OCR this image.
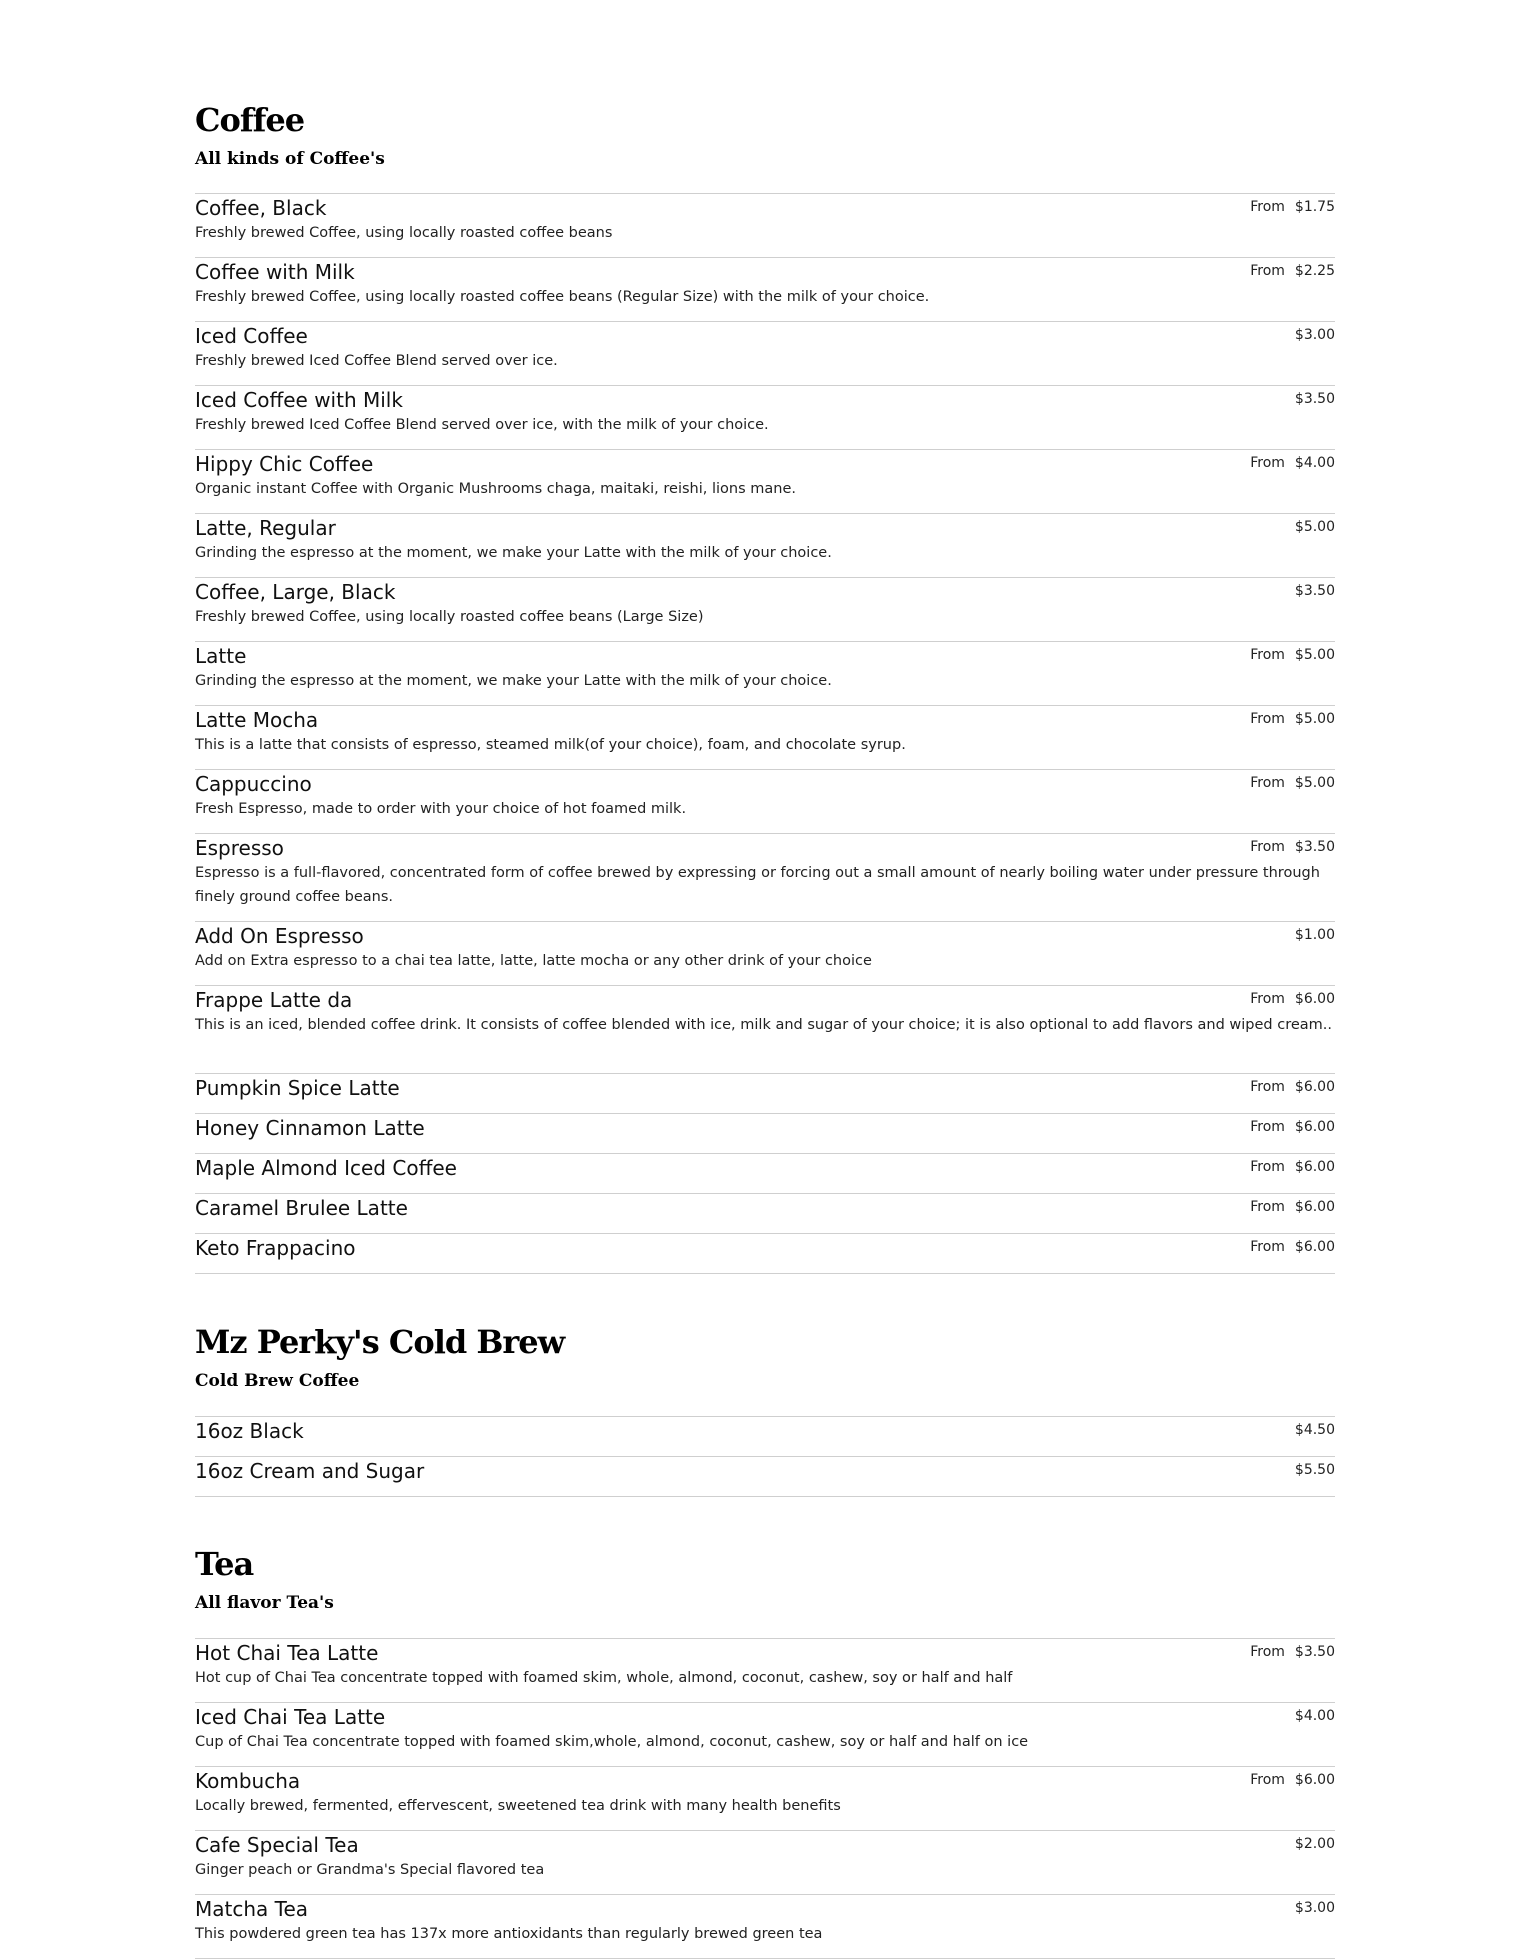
Coffee

All kinds of Coffee's

Coffee, Black	From $1.75
Freshly brewed Coffee, using locally roasted coffee beans
Coffee with Milk	From $2.25
Freshly brewed Coffee, using locally roasted coffee beans (Regular Size) with the milk of your choice.
Iced Coffee	$3.00
Freshly brewed Iced Coffee Blend served over ice.
Iced Coffee with Milk	$3.50
Freshly brewed Iced Coffee Blend served over ice, with the milk of your choice.
Hippy Chic Coffee	From $4.00
Organic instant Coffee with Organic Mushrooms chaga, maitaki, reishi, lions mane.
Latte, Regular	$5.00
Grinding the espresso at the moment, we make your Latte with the milk of your choice.
Coffee, Large, Black	$3.50
Freshly brewed Coffee, using locally roasted coffee beans (Large Size)
Latte	From $5.00
Grinding the espresso at the moment, we make your Latte with the milk of your choice.
Latte Mocha	From $5.00
This is a latte that consists of espresso, steamed milk(of your choice), foam, and chocolate syrup.
Cappuccino	From $5.00
Fresh Espresso, made to order with your choice of hot foamed milk.
Espresso	From $3.50
Espresso is a full-flavored, concentrated form of coffee brewed by expressing or forcing out a small amount of nearly boiling water under pressure through finely ground coffee beans.
Add On Espresso	$1.00
Add on Extra espresso to a chai tea latte, latte, latte mocha or any other drink of your choice
Frappe Latte da	From $6.00
This is an iced, blended coffee drink. It consists of coffee blended with ice, milk and sugar of your choice; it is also optional to add flavors and wiped cream..
Pumpkin Spice Latte	From $6.00
Honey Cinnamon Latte	From $6.00
Maple Almond Iced Coffee	From $6.00
Caramel Brulee Latte	From $6.00
Keto Frappacino	From $6.00
Mz Perky's Cold Brew

Cold Brew Coffee

16oz Black	$4.50
16oz Cream and Sugar	$5.50
Tea

All flavor Tea's

Hot Chai Tea Latte	From $3.50
Hot cup of Chai Tea concentrate topped with foamed skim, whole, almond, coconut, cashew, soy or half and half
Iced Chai Tea Latte	$4.00
Cup of Chai Tea concentrate topped with foamed skim,whole, almond, coconut, cashew, soy or half and half on ice
Kombucha	From $6.00
Locally brewed, fermented, effervescent, sweetened tea drink with many health benefits
Cafe Special Tea	$2.00
Ginger peach or Grandma's Special flavored tea
Matcha Tea	$3.00
This powdered green tea has 137x more antioxidants than regularly brewed green tea
